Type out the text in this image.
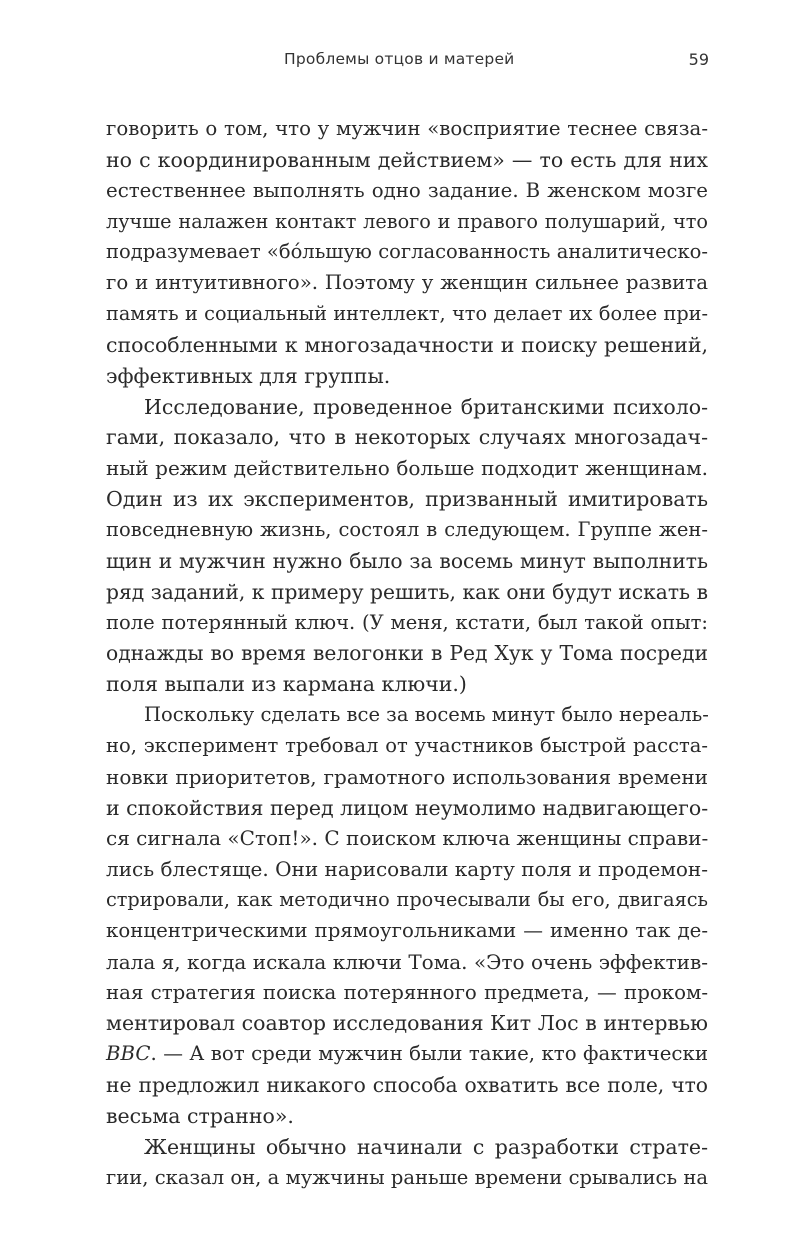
Проблемы отцов и матерей	59
говорить о том, что у мужчин «восприятие теснее связа-
но с координированным действием» — то есть для них
естественнее выполнять одно задание. В женском мозге
лучше налажен контакт левого и правого полушарий, что
подразумевает «бо́льшую согласованность аналитическо-
го и интуитивного». Поэтому у женщин сильнее развита
память и социальный интеллект, что делает их более при-
способленными к многозадачности и поиску решений,
эффективных для группы.
Исследование, проведенное британскими психоло-
гами, показало, что в некоторых случаях многозадач-
ный режим действительно больше подходит женщинам.
Один из их экспериментов, призванный имитировать
повседневную жизнь, состоял в следующем. Группе жен-
щин и мужчин нужно было за восемь минут выполнить
ряд заданий, к примеру решить, как они будут искать в
поле потерянный ключ. (У меня, кстати, был такой опыт:
однажды во время велогонки в Ред Хук у Тома посреди
поля выпали из кармана ключи.)
Поскольку сделать все за восемь минут было нереаль-
но, эксперимент требовал от участников быстрой расста-
новки приоритетов, грамотного использования времени
и спокойствия перед лицом неумолимо надвигающего-
ся сигнала «Стоп!». С поиском ключа женщины справи-
лись блестяще. Они нарисовали карту поля и продемон-
стрировали, как методично прочесывали бы его, двигаясь
концентрическими прямоугольниками — именно так де-
лала я, когда искала ключи Тома. «Это очень эффектив-
ная стратегия поиска потерянного предмета, — проком-
ментировал соавтор исследования Кит Лос в интервью
BBC. — А вот среди мужчин были такие, кто фактически
не предложил никакого способа охватить все поле, что
весьма странно».
Женщины обычно начинали с разработки страте-
гии, сказал он, а мужчины раньше времени срывались на
